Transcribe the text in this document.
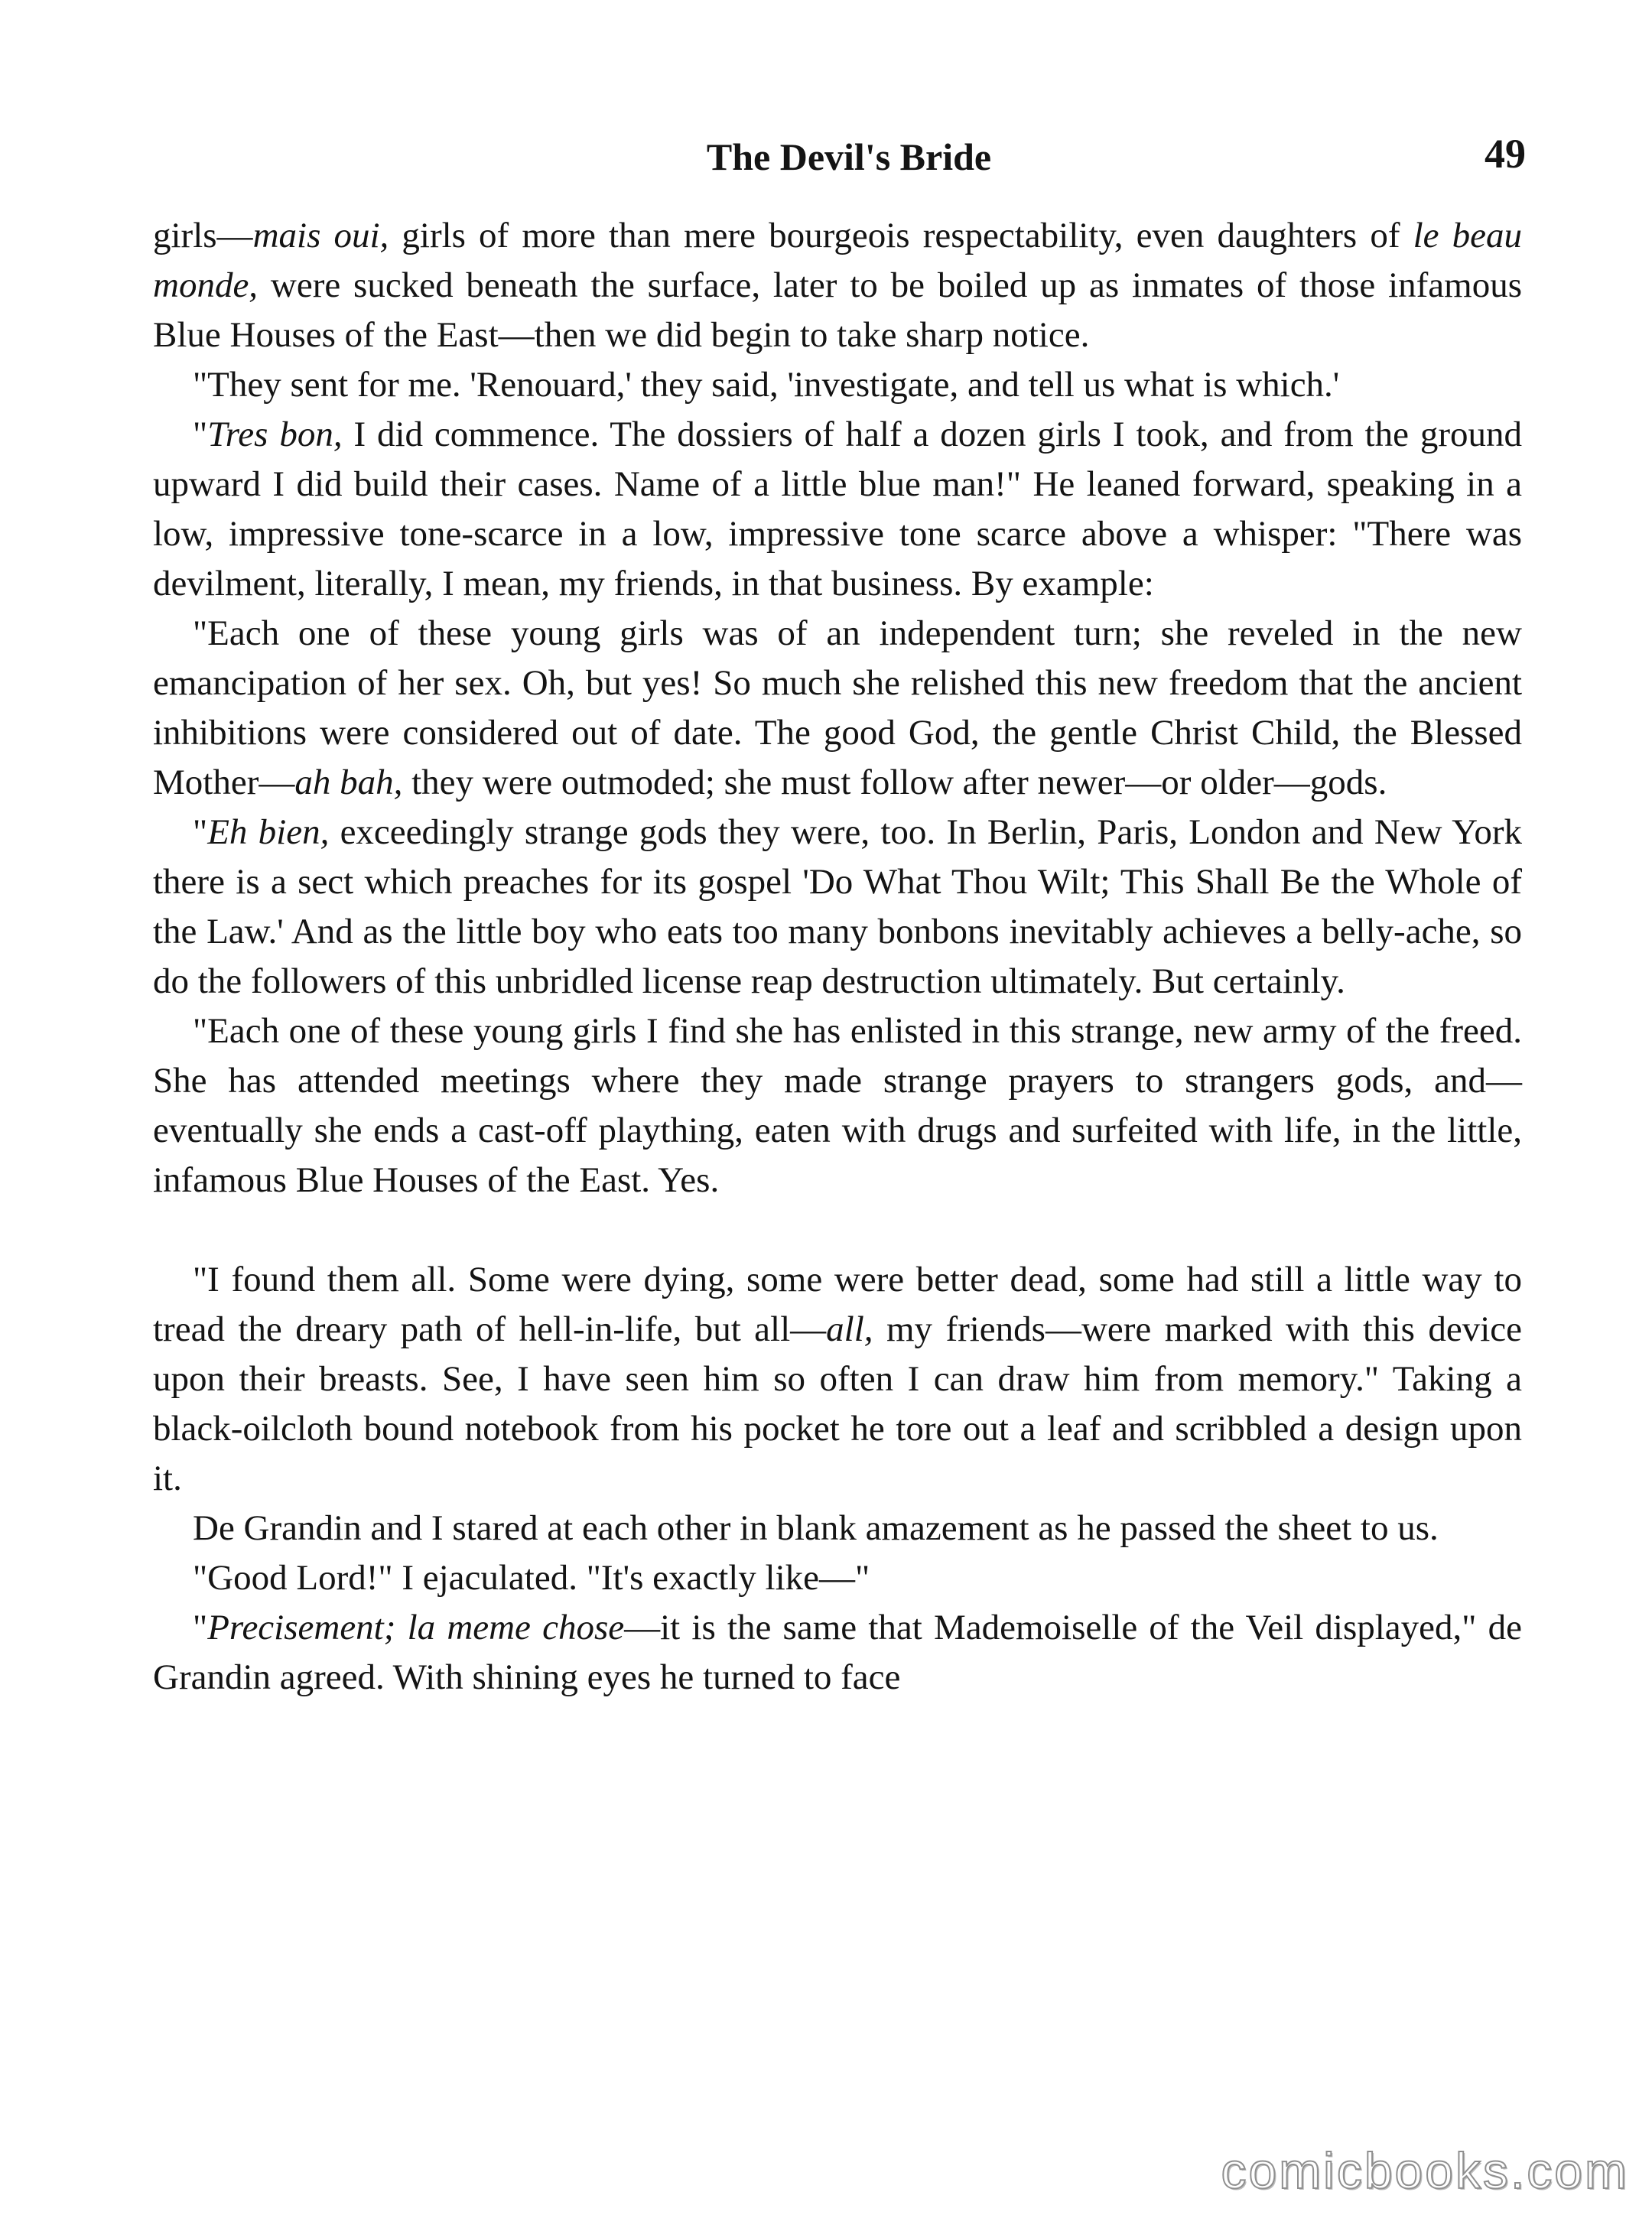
The Devil's Bride	49

girls—mais oui, girls of more than mere bourgeois respectability, even daughters of le beau monde, were sucked beneath the surface, later to be boiled up as inmates of those infamous Blue Houses of the East—then we did begin to take sharp notice.

"They sent for me. 'Renouard,' they said, 'investigate, and tell us what is which.'

"Tres bon, I did commence. The dossiers of half a dozen girls I took, and from the ground upward I did build their cases. Name of a little blue man!" He leaned forward, speaking in a low, impressive tone-scarce in a low, impressive tone scarce above a whisper: "There was devilment, literally, I mean, my friends, in that business. By example:

"Each one of these young girls was of an independent turn; she reveled in the new emancipation of her sex. Oh, but yes! So much she relished this new freedom that the ancient inhibitions were considered out of date. The good God, the gentle Christ Child, the Blessed Mother—ah bah, they were outmoded; she must follow after newer—or older—gods.

"Eh bien, exceedingly strange gods they were, too. In Berlin, Paris, London and New York there is a sect which preaches for its gospel 'Do What Thou Wilt; This Shall Be the Whole of the Law.' And as the little boy who eats too many bonbons inevitably achieves a belly-ache, so do the followers of this unbridled license reap destruction ultimately. But certainly.

"Each one of these young girls I find she has enlisted in this strange, new army of the freed. She has attended meetings where they made strange prayers to strangers gods, and—eventually she ends a cast-off plaything, eaten with drugs and surfeited with life, in the little, infamous Blue Houses of the East. Yes.

"I found them all. Some were dying, some were better dead, some had still a little way to tread the dreary path of hell-in-life, but all—all, my friends—were marked with this device upon their breasts. See, I have seen him so often I can draw him from memory." Taking a black-oilcloth bound notebook from his pocket he tore out a leaf and scribbled a design upon it.

De Grandin and I stared at each other in blank amazement as he passed the sheet to us.

"Good Lord!" I ejaculated. "It's exactly like—"

"Precisement; la meme chose—it is the same that Mademoiselle of the Veil displayed," de Grandin agreed. With shining eyes he turned to face

comicbooks.com
